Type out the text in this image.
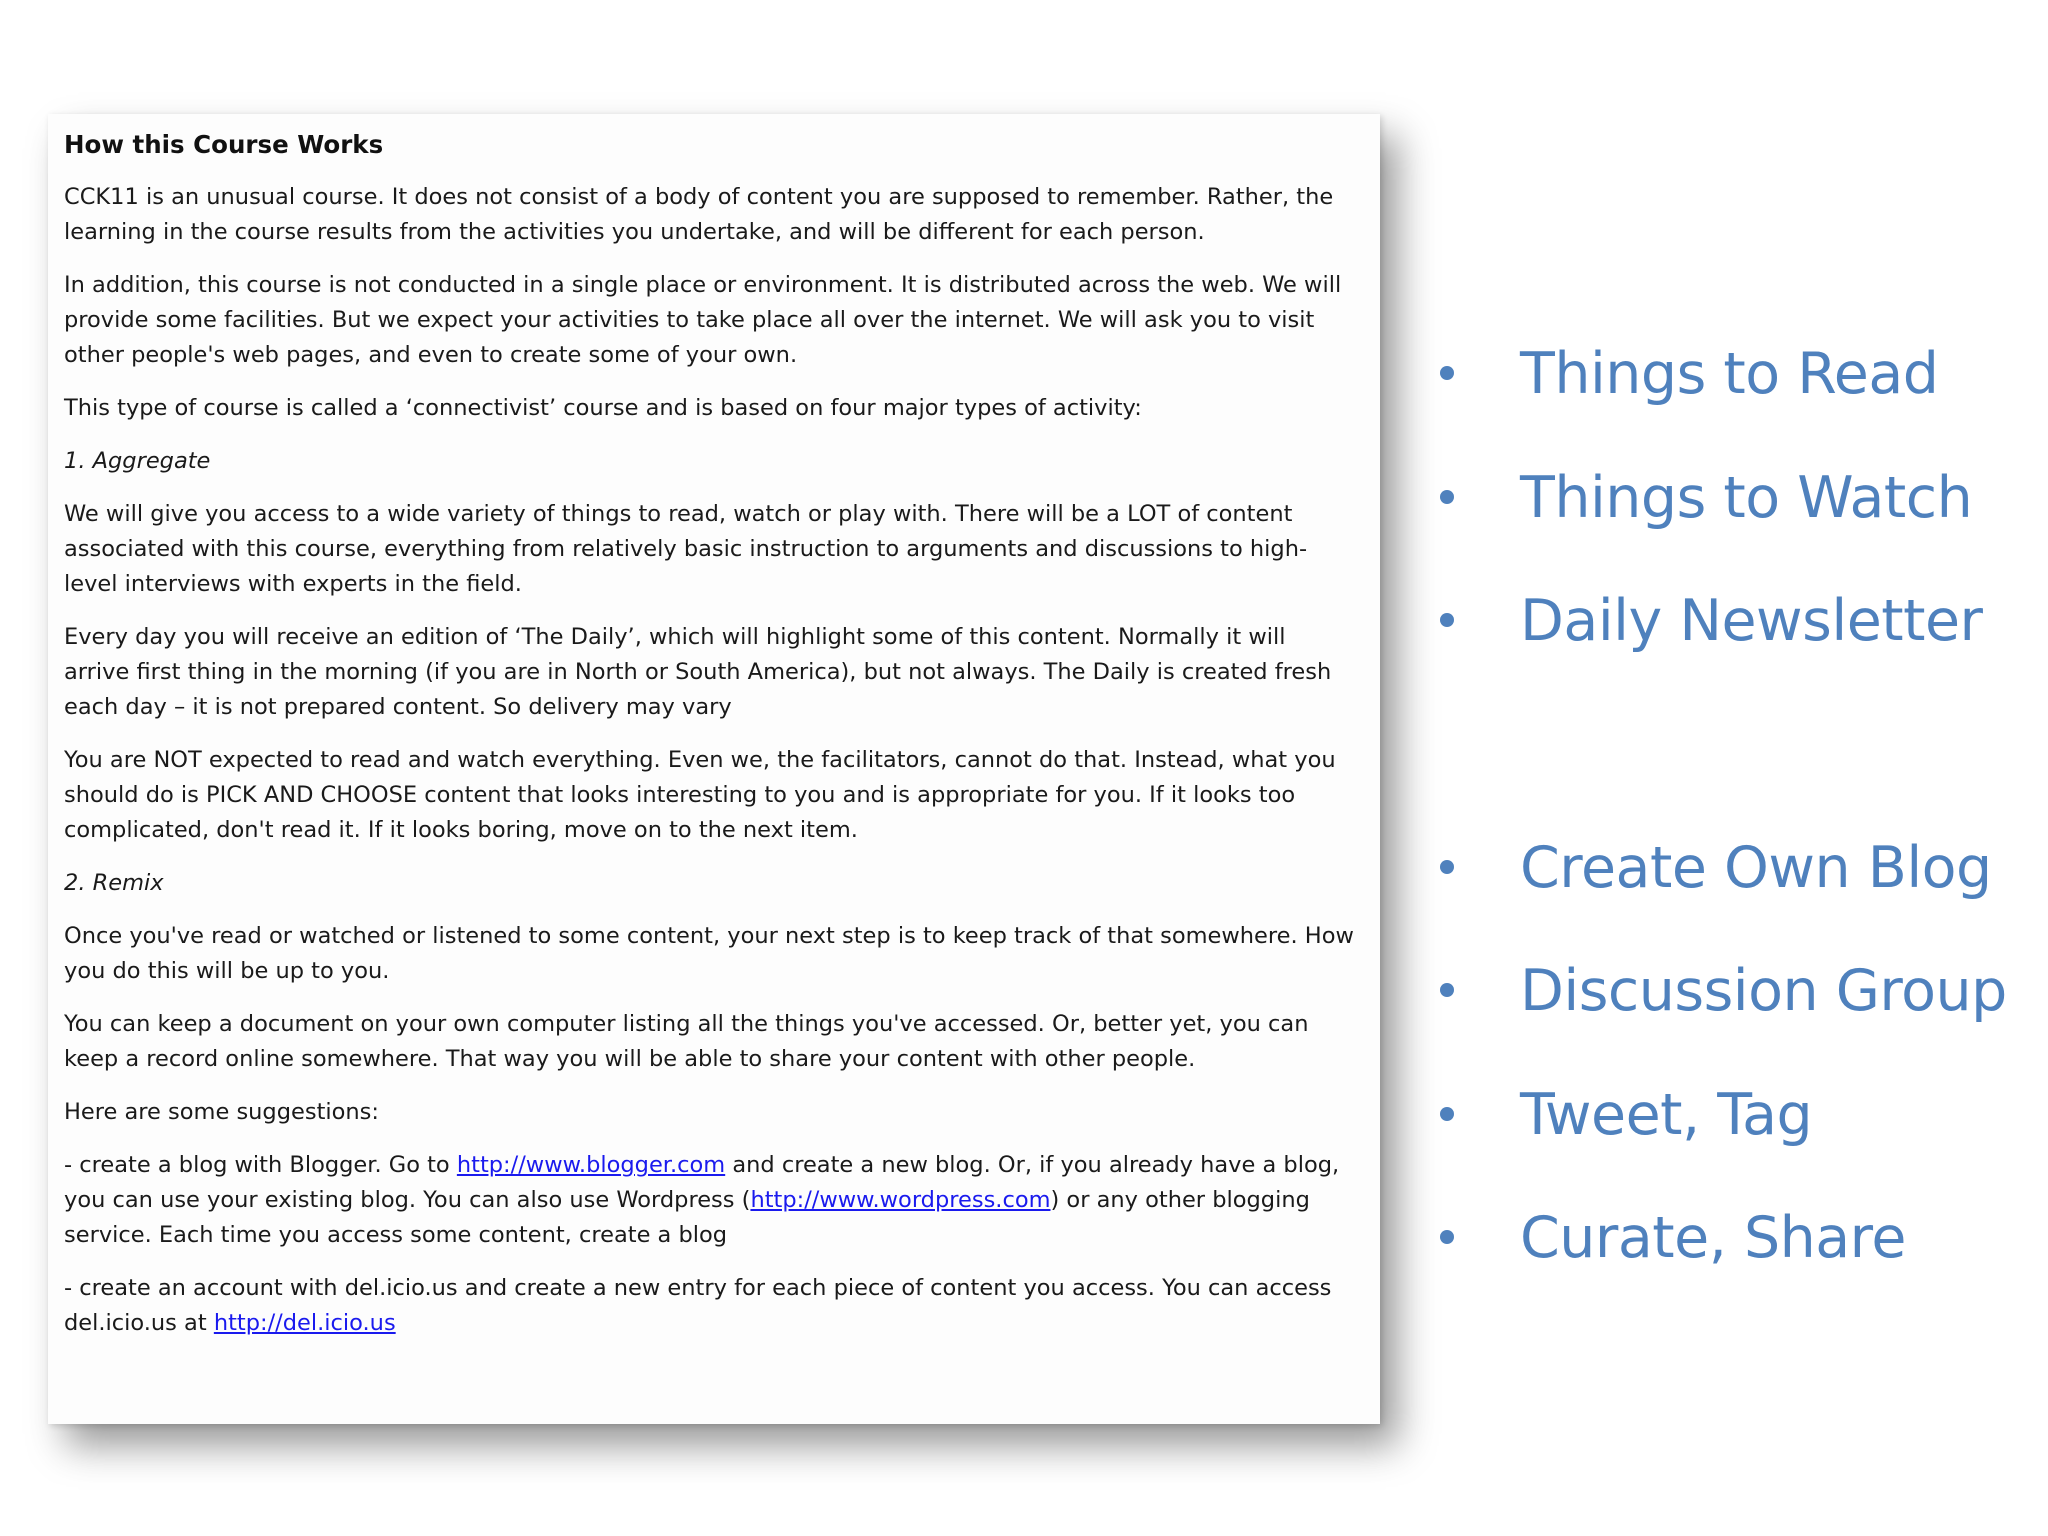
How this Course Works

CCK11 is an unusual course. It does not consist of a body of content you are supposed to remember. Rather, the learning in the course results from the activities you undertake, and will be different for each person.

In addition, this course is not conducted in a single place or environment. It is distributed across the web. We will provide some facilities. But we expect your activities to take place all over the internet. We will ask you to visit other people's web pages, and even to create some of your own.

This type of course is called a ‘connectivist’ course and is based on four major types of activity:

1. Aggregate

We will give you access to a wide variety of things to read, watch or play with. There will be a LOT of content associated with this course, everything from relatively basic instruction to arguments and discussions to high-level interviews with experts in the field.

Every day you will receive an edition of ‘The Daily’, which will highlight some of this content. Normally it will arrive first thing in the morning (if you are in North or South America), but not always. The Daily is created fresh each day – it is not prepared content. So delivery may vary

You are NOT expected to read and watch everything. Even we, the facilitators, cannot do that. Instead, what you should do is PICK AND CHOOSE content that looks interesting to you and is appropriate for you. If it looks too complicated, don't read it. If it looks boring, move on to the next item.

2. Remix

Once you've read or watched or listened to some content, your next step is to keep track of that somewhere. How you do this will be up to you.

You can keep a document on your own computer listing all the things you've accessed. Or, better yet, you can keep a record online somewhere. That way you will be able to share your content with other people.

Here are some suggestions:

- create a blog with Blogger. Go to http://www.blogger.com and create a new blog. Or, if you already have a blog, you can use your existing blog. You can also use Wordpress (http://www.wordpress.com) or any other blogging service. Each time you access some content, create a blog

- create an account with del.icio.us and create a new entry for each piece of content you access. You can access del.icio.us at http://del.icio.us

Things to Read
Things to Watch
Daily Newsletter
Create Own Blog
Discussion Group
Tweet, Tag
Curate, Share
